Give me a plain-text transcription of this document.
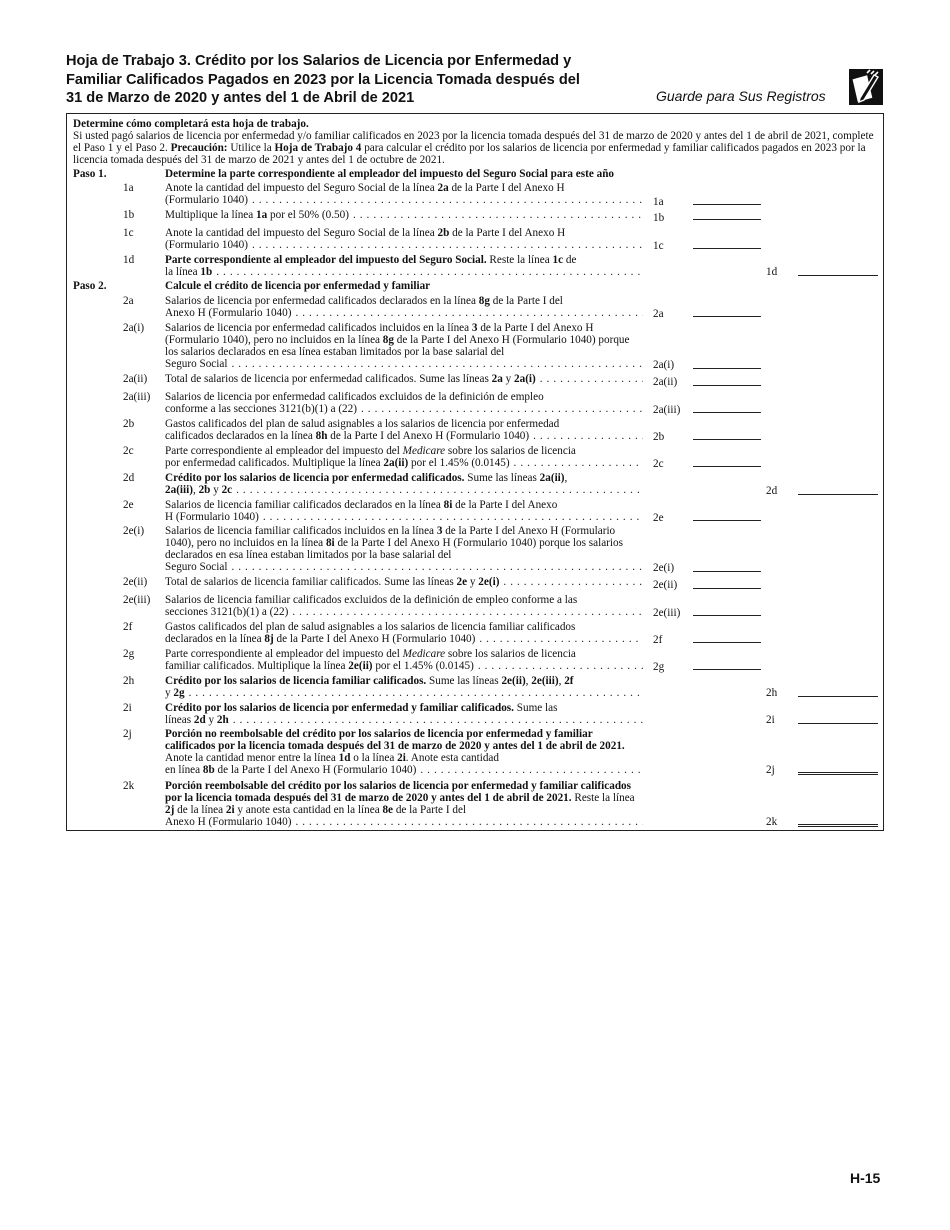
Hoja de Trabajo 3. Crédito por los Salarios de Licencia por Enfermedad y
Familiar Calificados Pagados en 2023 por la Licencia Tomada después del
31 de Marzo de 2020 y antes del 1 de Abril de 2021	Guarde para Sus Registros
Determine cómo completará esta hoja de trabajo.
Si usted pagó salarios de licencia por enfermedad y/o familiar calificados en 2023 por la licencia tomada después del 31 de marzo de 2020 y antes del 1 de abril de 2021, complete el Paso 1 y el Paso 2. Precaución: Utilice la Hoja de Trabajo 4 para calcular el crédito por los salarios de licencia por enfermedad y familiar calificados pagados en 2023 por la licencia tomada después del 31 de marzo de 2021 y antes del 1 de octubre de 2021.
Paso 1.	Determine la parte correspondiente al empleador del impuesto del Seguro Social para este año
1a	Anote la cantidad del impuesto del Seguro Social de la línea 2a de la Parte I del Anexo H
(Formulario 1040) . . .	1a
1b	Multiplique la línea 1a por el 50% (0.50) . . .	1b
1c	Anote la cantidad del impuesto del Seguro Social de la línea 2b de la Parte I del Anexo H
(Formulario 1040) . . .	1c
1d	Parte correspondiente al empleador del impuesto del Seguro Social. Reste la línea 1c de
la línea 1b . . .	1d
Paso 2.	Calcule el crédito de licencia por enfermedad y familiar
2a	Salarios de licencia por enfermedad calificados declarados en la línea 8g de la Parte I del
Anexo H (Formulario 1040) . . .	2a
2a(i) Salarios de licencia por enfermedad calificados incluidos en la línea 3 de la Parte I del Anexo H (Formulario 1040), pero no incluidos en la línea 8g de la Parte I del Anexo H (Formulario 1040) porque los salarios declarados en esa línea estaban limitados por la base salarial del
Seguro Social . . .	2a(i)
2a(ii) Total de salarios de licencia por enfermedad calificados. Sume las líneas 2a y 2a(i) . . .	2a(ii)
2a(iii) Salarios de licencia por enfermedad calificados excluidos de la definición de empleo
conforme a las secciones 3121(b)(1) a (22) . . .	2a(iii)
2b	Gastos calificados del plan de salud asignables a los salarios de licencia por enfermedad
calificados declarados en la línea 8h de la Parte I del Anexo H (Formulario 1040) . . .	2b
2c	Parte correspondiente al empleador del impuesto del Medicare sobre los salarios de licencia
por enfermedad calificados. Multiplique la línea 2a(ii) por el 1.45% (0.0145) . . .	2c
2d	Crédito por los salarios de licencia por enfermedad calificados. Sume las líneas 2a(ii),
2a(iii) , 2b y 2c . . .	2d
2e	Salarios de licencia familiar calificados declarados en la línea 8i de la Parte I del Anexo
H (Formulario 1040) . . .	2e
2e(i) Salarios de licencia familiar calificados incluidos en la línea 3 de la Parte I del Anexo H (Formulario 1040), pero no incluidos en la línea 8i de la Parte I del Anexo H (Formulario 1040) porque los salarios declarados en esa línea estaban limitados por la base salarial del
Seguro Social . . .	2e(i)
2e(ii) Total de salarios de licencia familiar calificados. Sume las líneas 2e y 2e(i) . . .	2e(ii)
2e(iii) Salarios de licencia familiar calificados excluidos de la definición de empleo conforme a las
secciones 3121(b)(1) a (22) . . .	2e(iii)
2f	Gastos calificados del plan de salud asignables a los salarios de licencia familiar calificados
declarados en la línea 8j de la Parte I del Anexo H (Formulario 1040) . . .	2f
2g	Parte correspondiente al empleador del impuesto del Medicare sobre los salarios de licencia
familiar calificados. Multiplique la línea 2e(ii) por el 1.45% (0.0145) . . .	2g
2h	Crédito por los salarios de licencia familiar calificados. Sume las líneas 2e(ii), 2e(iii), 2f
y 2g . . .	2h
2i	Crédito por los salarios de licencia por enfermedad y familiar calificados. Sume las
líneas 2d y 2h . . .	2i
2j	Porción no reembolsable del crédito por los salarios de licencia por enfermedad y familiar calificados por la licencia tomada después del 31 de marzo de 2020 y antes del 1 de abril de 2021. Anote la cantidad menor entre la línea 1d o la línea 2i. Anote esta cantidad
en línea 8b de la Parte I del Anexo H (Formulario 1040) . . .	2j
2k	Porción reembolsable del crédito por los salarios de licencia por enfermedad y familiar calificados por la licencia tomada después del 31 de marzo de 2020 y antes del 1 de abril de 2021. Reste la línea 2j de la línea 2i y anote esta cantidad en la línea 8e de la Parte I del
Anexo H (Formulario 1040) . . .	2k
H-15
